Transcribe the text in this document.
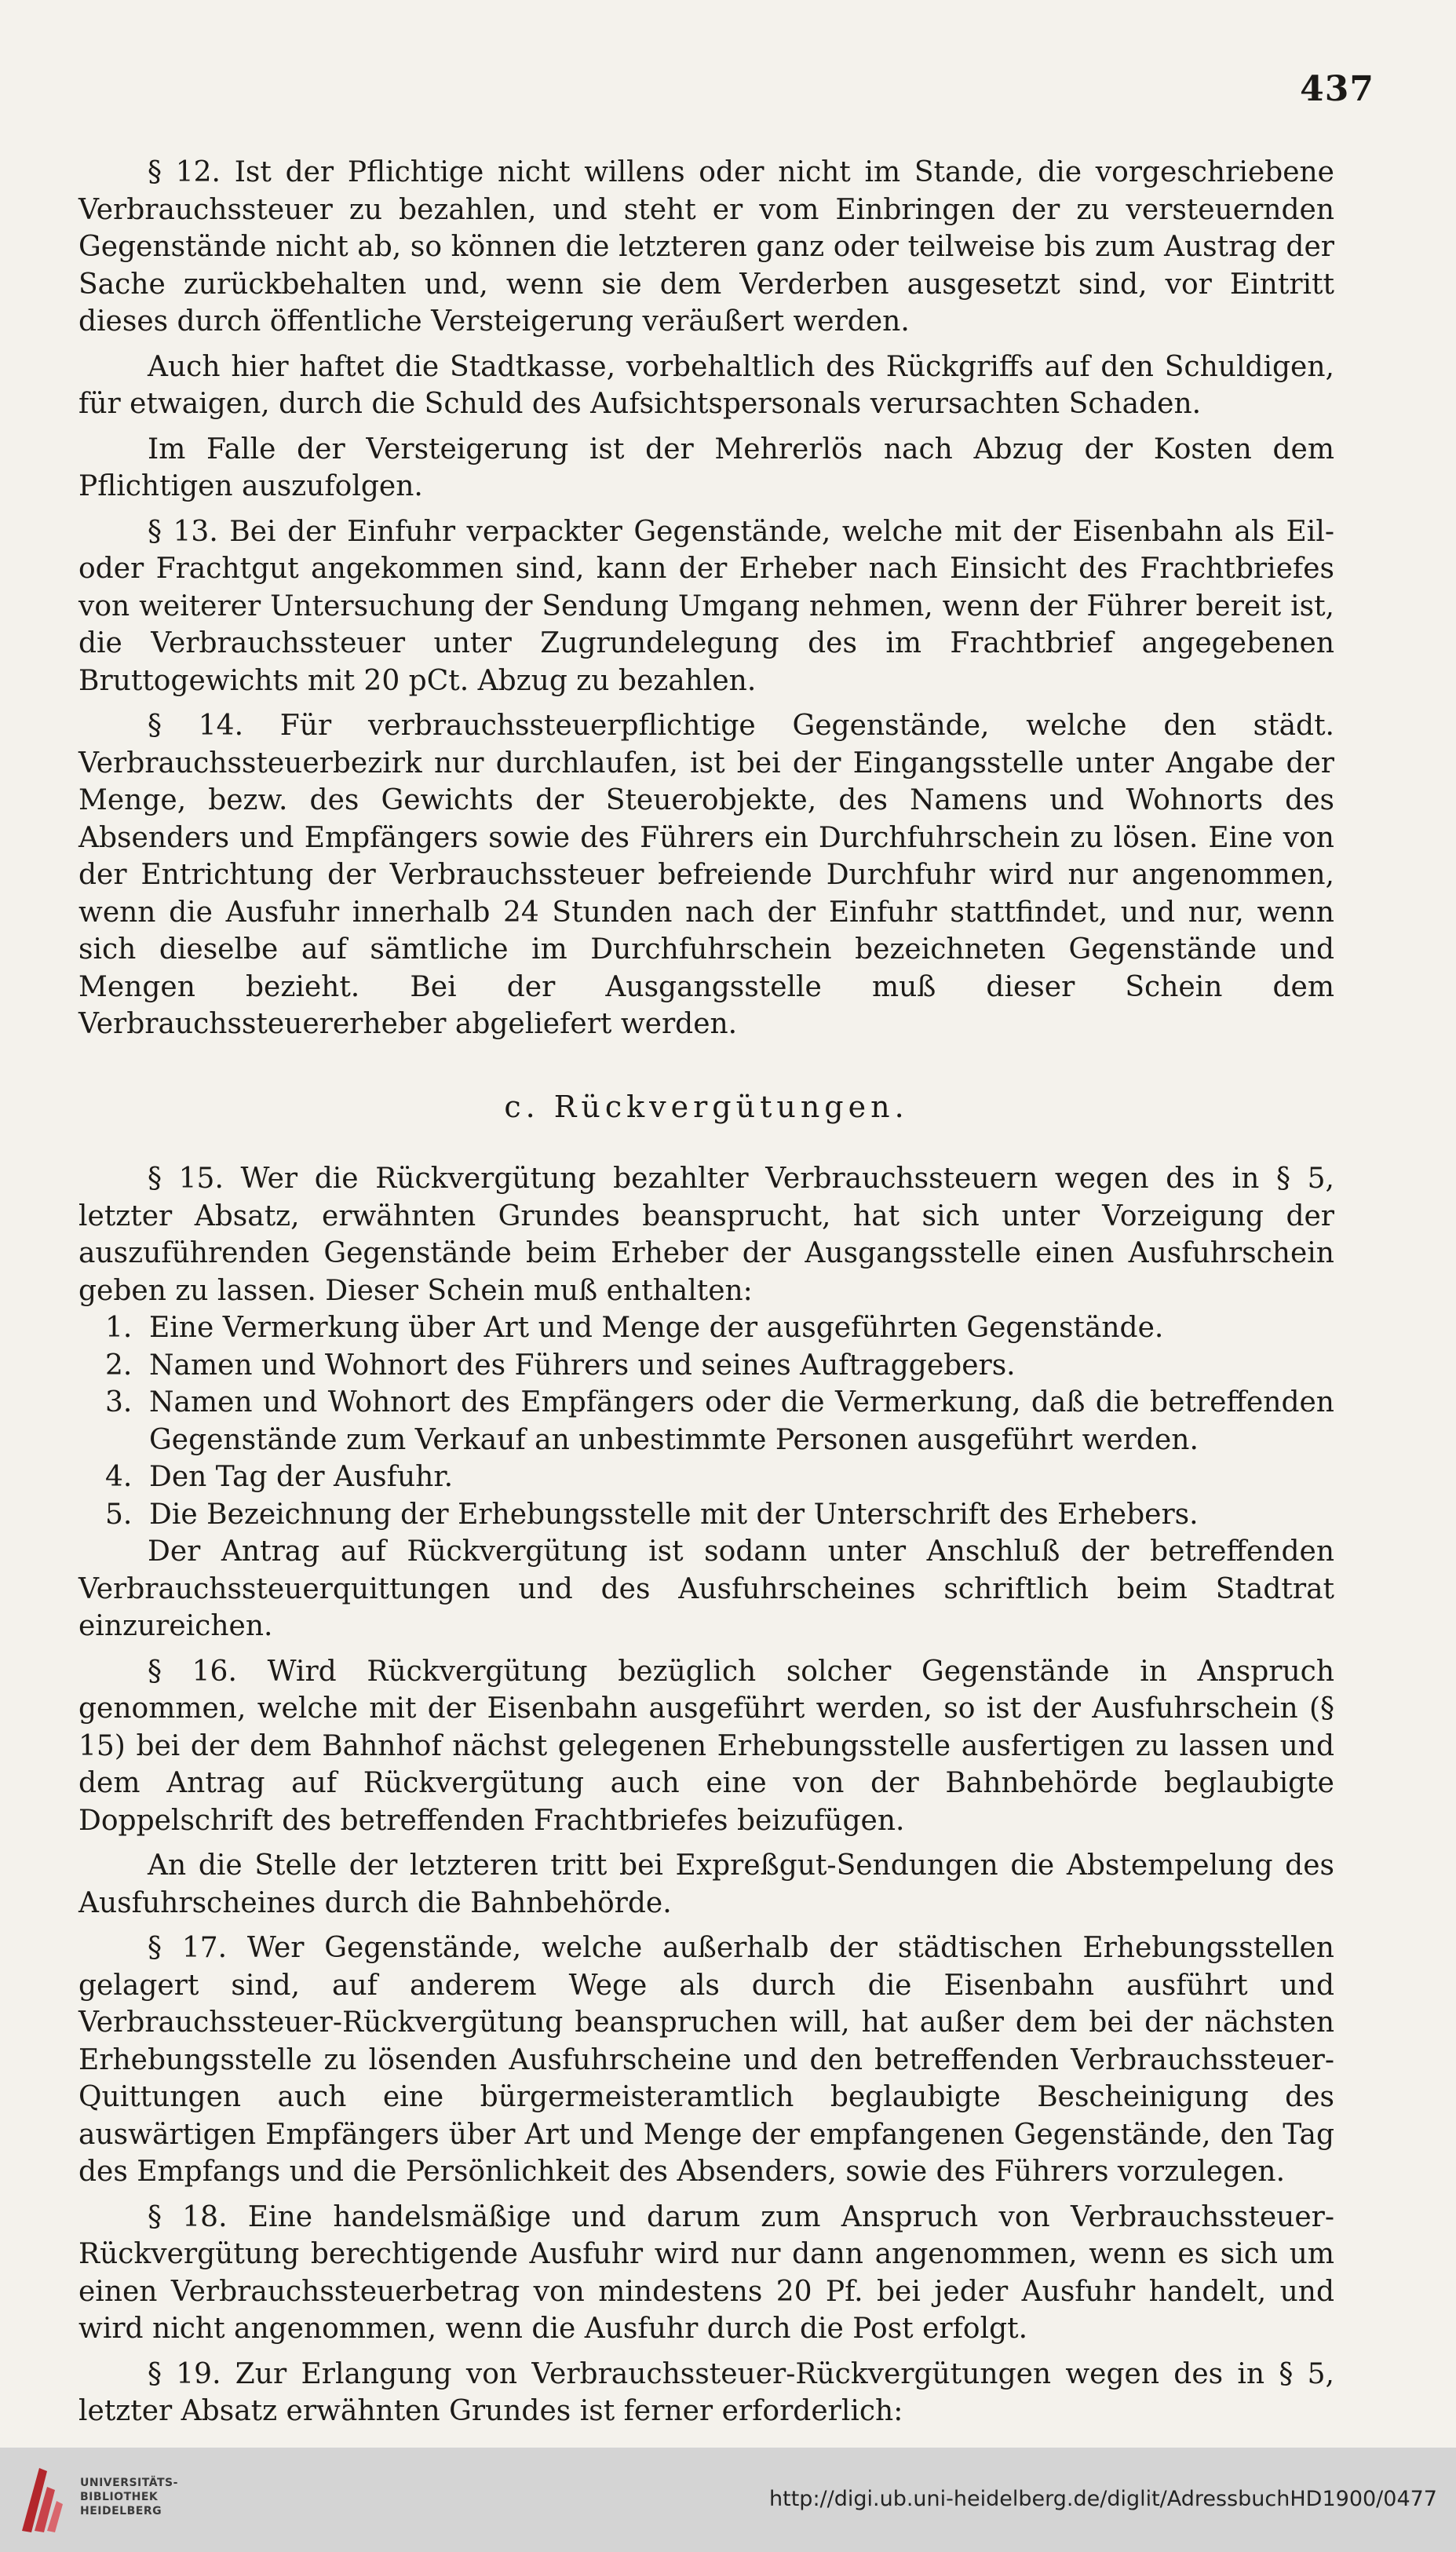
437

§ 12. Ist der Pflichtige nicht willens oder nicht im Stande, die vorgeschriebene Verbrauchssteuer zu bezahlen, und steht er vom Einbringen der zu versteuernden Gegenstände nicht ab, so können die letzteren ganz oder teilweise bis zum Austrag der Sache zurückbehalten und, wenn sie dem Verderben ausgesetzt sind, vor Eintritt dieses durch öffentliche Versteigerung veräußert werden.

Auch hier haftet die Stadtkasse, vorbehaltlich des Rückgriffs auf den Schuldigen, für etwaigen, durch die Schuld des Aufsichtspersonals verursachten Schaden.

Im Falle der Versteigerung ist der Mehrerlös nach Abzug der Kosten dem Pflichtigen auszufolgen.

§ 13. Bei der Einfuhr verpackter Gegenstände, welche mit der Eisenbahn als Eil- oder Frachtgut angekommen sind, kann der Erheber nach Einsicht des Frachtbriefes von weiterer Untersuchung der Sendung Umgang nehmen, wenn der Führer bereit ist, die Verbrauchssteuer unter Zugrundelegung des im Frachtbrief angegebenen Bruttogewichts mit 20 pCt. Abzug zu bezahlen.

§ 14. Für verbrauchssteuerpflichtige Gegenstände, welche den städt. Verbrauchssteuerbezirk nur durchlaufen, ist bei der Eingangsstelle unter Angabe der Menge, bezw. des Gewichts der Steuerobjekte, des Namens und Wohnorts des Absenders und Empfängers sowie des Führers ein Durchfuhrschein zu lösen. Eine von der Entrichtung der Verbrauchssteuer befreiende Durchfuhr wird nur angenommen, wenn die Ausfuhr innerhalb 24 Stunden nach der Einfuhr stattfindet, und nur, wenn sich dieselbe auf sämtliche im Durchfuhrschein bezeichneten Gegenstände und Mengen bezieht. Bei der Ausgangsstelle muß dieser Schein dem Verbrauchssteuererheber abgeliefert werden.

c. Rückvergütungen.

§ 15. Wer die Rückvergütung bezahlter Verbrauchssteuern wegen des in § 5, letzter Absatz, erwähnten Grundes beansprucht, hat sich unter Vorzeigung der auszuführenden Gegenstände beim Erheber der Ausgangsstelle einen Ausfuhrschein geben zu lassen. Dieser Schein muß enthalten:

1. Eine Vermerkung über Art und Menge der ausgeführten Gegenstände.
2. Namen und Wohnort des Führers und seines Auftraggebers.
3. Namen und Wohnort des Empfängers oder die Vermerkung, daß die betreffenden Gegenstände zum Verkauf an unbestimmte Personen ausgeführt werden.
4. Den Tag der Ausfuhr.
5. Die Bezeichnung der Erhebungsstelle mit der Unterschrift des Erhebers.

Der Antrag auf Rückvergütung ist sodann unter Anschluß der betreffenden Verbrauchssteuerquittungen und des Ausfuhrscheines schriftlich beim Stadtrat einzureichen.

§ 16. Wird Rückvergütung bezüglich solcher Gegenstände in Anspruch genommen, welche mit der Eisenbahn ausgeführt werden, so ist der Ausfuhrschein (§ 15) bei der dem Bahnhof nächst gelegenen Erhebungsstelle ausfertigen zu lassen und dem Antrag auf Rückvergütung auch eine von der Bahnbehörde beglaubigte Doppelschrift des betreffenden Frachtbriefes beizufügen.

An die Stelle der letzteren tritt bei Expreßgut-Sendungen die Abstempelung des Ausfuhrscheines durch die Bahnbehörde.

§ 17. Wer Gegenstände, welche außerhalb der städtischen Erhebungsstellen gelagert sind, auf anderem Wege als durch die Eisenbahn ausführt und Verbrauchssteuer-Rückvergütung beanspruchen will, hat außer dem bei der nächsten Erhebungsstelle zu lösenden Ausfuhrscheine und den betreffenden Verbrauchssteuer-Quittungen auch eine bürgermeisteramtlich beglaubigte Bescheinigung des auswärtigen Empfängers über Art und Menge der empfangenen Gegenstände, den Tag des Empfangs und die Persönlichkeit des Absenders, sowie des Führers vorzulegen.

§ 18. Eine handelsmäßige und darum zum Anspruch von Verbrauchssteuer-Rückvergütung berechtigende Ausfuhr wird nur dann angenommen, wenn es sich um einen Verbrauchssteuerbetrag von mindestens 20 Pf. bei jeder Ausfuhr handelt, und wird nicht angenommen, wenn die Ausfuhr durch die Post erfolgt.

§ 19. Zur Erlangung von Verbrauchssteuer-Rückvergütungen wegen des in § 5, letzter Absatz erwähnten Grundes ist ferner erforderlich:

UNIVERSITÄTS-
BIBLIOTHEK
HEIDELBERG	http://digi.ub.uni-heidelberg.de/diglit/AdressbuchHD1900/0477
